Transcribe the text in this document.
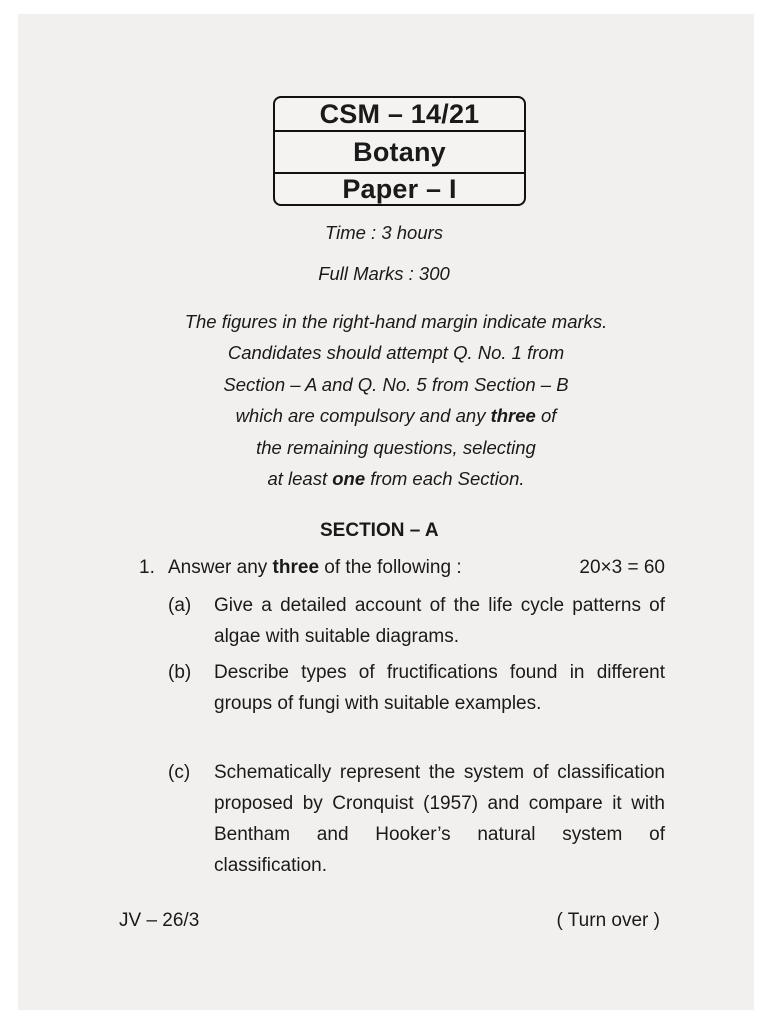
CSM – 14/21
Botany
Paper – I
Time : 3 hours
Full Marks : 300
The figures in the right-hand margin indicate marks.
Candidates should attempt Q. No. 1 from
Section – A and Q. No. 5 from Section – B
which are compulsory and any three of
the remaining questions, selecting
at least one from each Section.
SECTION – A
1. Answer any three of the following :	20×3 = 60
(a) Give a detailed account of the life cycle patterns of algae with suitable diagrams.
(b) Describe types of fructifications found in different groups of fungi with suitable examples.
(c) Schematically represent the system of classification proposed by Cronquist (1957) and compare it with Bentham and Hooker’s natural system of classification.
JV – 26/3	( Turn over )
